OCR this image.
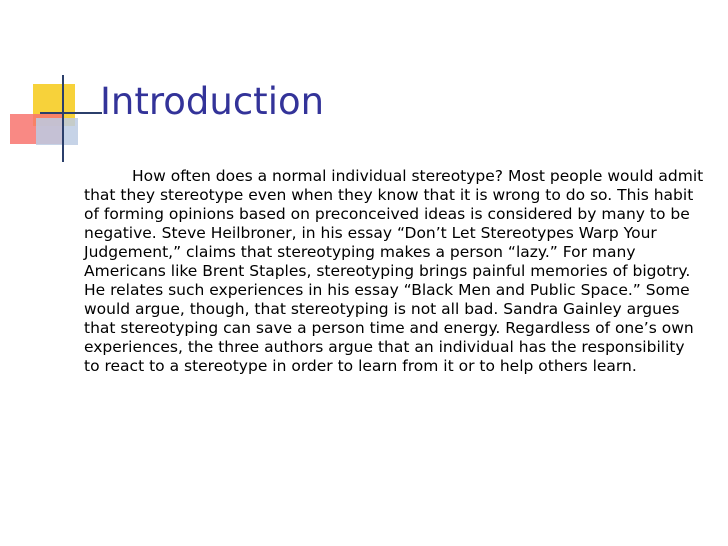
Introduction

How often does a normal individual stereotype? Most people would admit that they stereotype even when they know that it is wrong to do so. This habit of forming opinions based on preconceived ideas is considered by many to be negative. Steve Heilbroner, in his essay “Don’t Let Stereotypes Warp Your Judgement,” claims that stereotyping makes a person “lazy.” For many Americans like Brent Staples, stereotyping brings painful memories of bigotry. He relates such experiences in his essay “Black Men and Public Space.” Some would argue, though, that stereotyping is not all bad. Sandra Gainley argues that stereotyping can save a person time and energy. Regardless of one’s own experiences, the three authors argue that an individual has the responsibility to react to a stereotype in order to learn from it or to help others learn.
